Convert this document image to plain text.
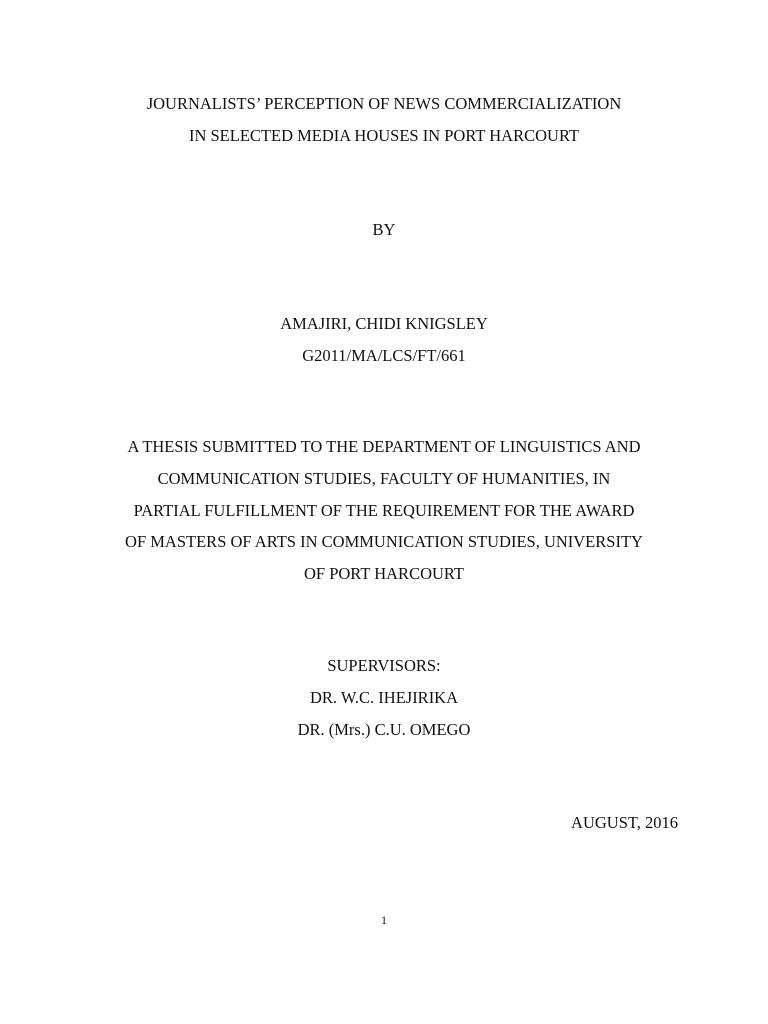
JOURNALISTS’ PERCEPTION OF NEWS COMMERCIALIZATION
IN SELECTED MEDIA HOUSES IN PORT HARCOURT
BY
AMAJIRI, CHIDI KNIGSLEY
G2011/MA/LCS/FT/661
A THESIS SUBMITTED TO THE DEPARTMENT OF LINGUISTICS AND
COMMUNICATION STUDIES, FACULTY OF HUMANITIES, IN
PARTIAL FULFILLMENT OF THE REQUIREMENT FOR THE AWARD
OF MASTERS OF ARTS IN COMMUNICATION STUDIES, UNIVERSITY
OF PORT HARCOURT
SUPERVISORS:
DR. W.C. IHEJIRIKA
DR. (Mrs.) C.U. OMEGO
AUGUST, 2016
1
